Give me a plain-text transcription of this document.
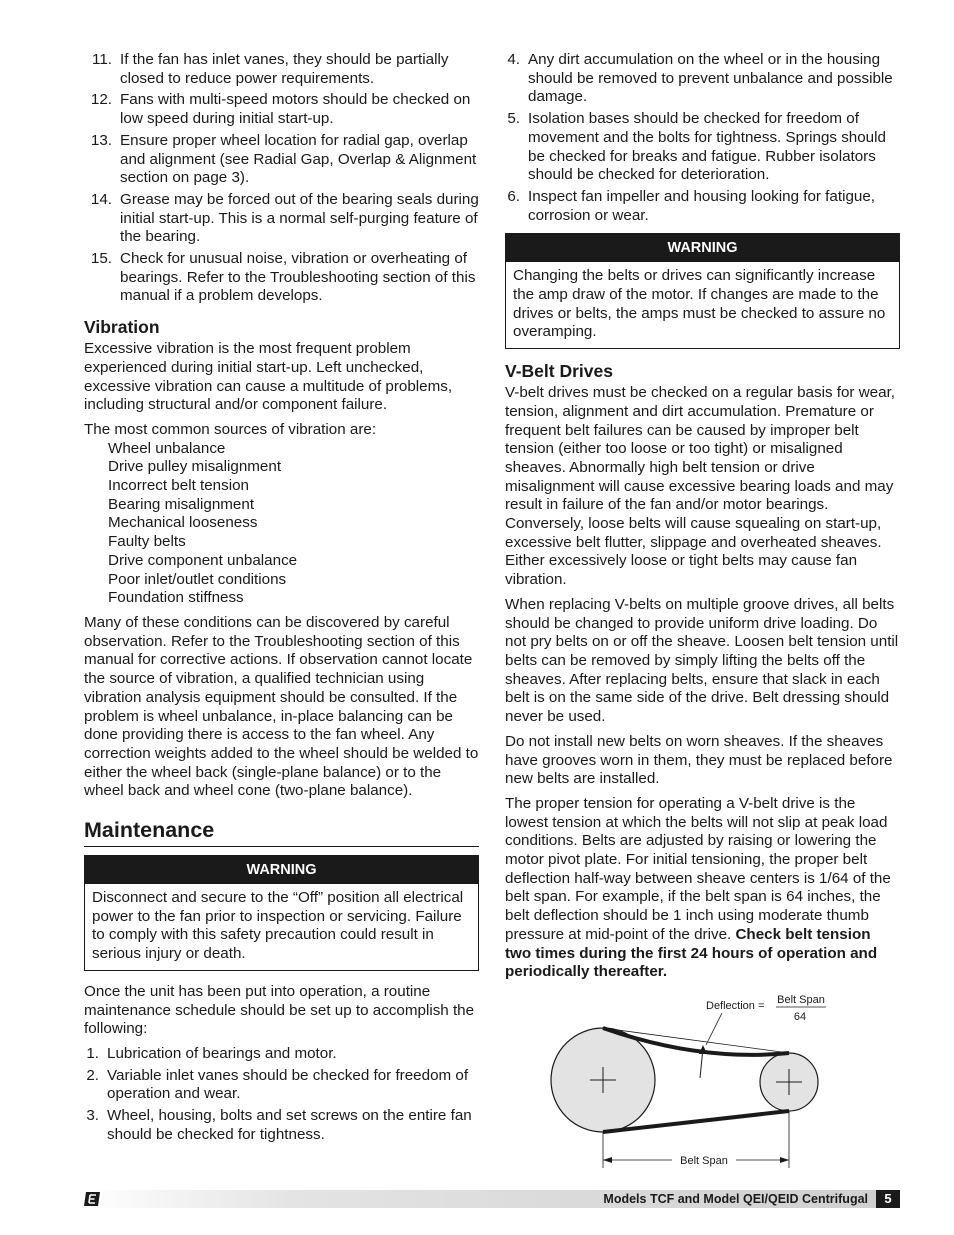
11. If the fan has inlet vanes, they should be partially closed to reduce power requirements.
12. Fans with multi-speed motors should be checked on low speed during initial start-up.
13. Ensure proper wheel location for radial gap, overlap and alignment (see Radial Gap, Overlap & Alignment section on page 3).
14. Grease may be forced out of the bearing seals during initial start-up. This is a normal self-purging feature of the bearing.
15. Check for unusual noise, vibration or overheating of bearings. Refer to the Troubleshooting section of this manual if a problem develops.
Vibration

Excessive vibration is the most frequent problem experienced during initial start-up. Left unchecked, excessive vibration can cause a multitude of problems, including structural and/or component failure.

The most common sources of vibration are:

Wheel unbalance
Drive pulley misalignment
Incorrect belt tension
Bearing misalignment
Mechanical looseness
Faulty belts
Drive component unbalance
Poor inlet/outlet conditions
Foundation stiffness

Many of these conditions can be discovered by careful observation. Refer to the Troubleshooting section of this manual for corrective actions. If observation cannot locate the source of vibration, a qualified technician using vibration analysis equipment should be consulted. If the problem is wheel unbalance, in-place balancing can be done providing there is access to the fan wheel. Any correction weights added to the wheel should be welded to either the wheel back (single-plane balance) or to the wheel back and wheel cone (two-plane balance).

Maintenance
WARNING
Disconnect and secure to the “Off” position all electrical power to the fan prior to inspection or servicing. Failure to comply with this safety precaution could result in serious injury or death.

Once the unit has been put into operation, a routine maintenance schedule should be set up to accomplish the following:

1. Lubrication of bearings and motor.
2. Variable inlet vanes should be checked for freedom of operation and wear.
3. Wheel, housing, bolts and set screws on the entire fan should be checked for tightness.
4. Any dirt accumulation on the wheel or in the housing should be removed to prevent unbalance and possible damage.
5. Isolation bases should be checked for freedom of movement and the bolts for tightness. Springs should be checked for breaks and fatigue. Rubber isolators should be checked for deterioration.
6. Inspect fan impeller and housing looking for fatigue, corrosion or wear.
WARNING
Changing the belts or drives can significantly increase the amp draw of the motor. If changes are made to the drives or belts, the amps must be checked to assure no overamping.
V-Belt Drives

V-belt drives must be checked on a regular basis for wear, tension, alignment and dirt accumulation. Premature or frequent belt failures can be caused by improper belt tension (either too loose or too tight) or misaligned sheaves. Abnormally high belt tension or drive misalignment will cause excessive bearing loads and may result in failure of the fan and/or motor bearings. Conversely, loose belts will cause squealing on start-up, excessive belt flutter, slippage and overheated sheaves. Either excessively loose or tight belts may cause fan vibration.

When replacing V-belts on multiple groove drives, all belts should be changed to provide uniform drive loading. Do not pry belts on or off the sheave. Loosen belt tension until belts can be removed by simply lifting the belts off the sheaves. After replacing belts, ensure that slack in each belt is on the same side of the drive. Belt dressing should never be used.

Do not install new belts on worn sheaves. If the sheaves have grooves worn in them, they must be replaced before new belts are installed.

The proper tension for operating a V-belt drive is the lowest tension at which the belts will not slip at peak load conditions. Belts are adjusted by raising or lowering the motor pivot plate. For initial tensioning, the proper belt deflection half-way between sheave centers is 1/64 of the belt span. For example, if the belt span is 64 inches, the belt deflection should be 1 inch using moderate thumb pressure at mid-point of the drive. Check belt tension two times during the first 24 hours of operation and periodically thereafter.

Deflection = Belt Span
64
Belt Span
Models TCF and Model QEI/QEID Centrifugal	5
